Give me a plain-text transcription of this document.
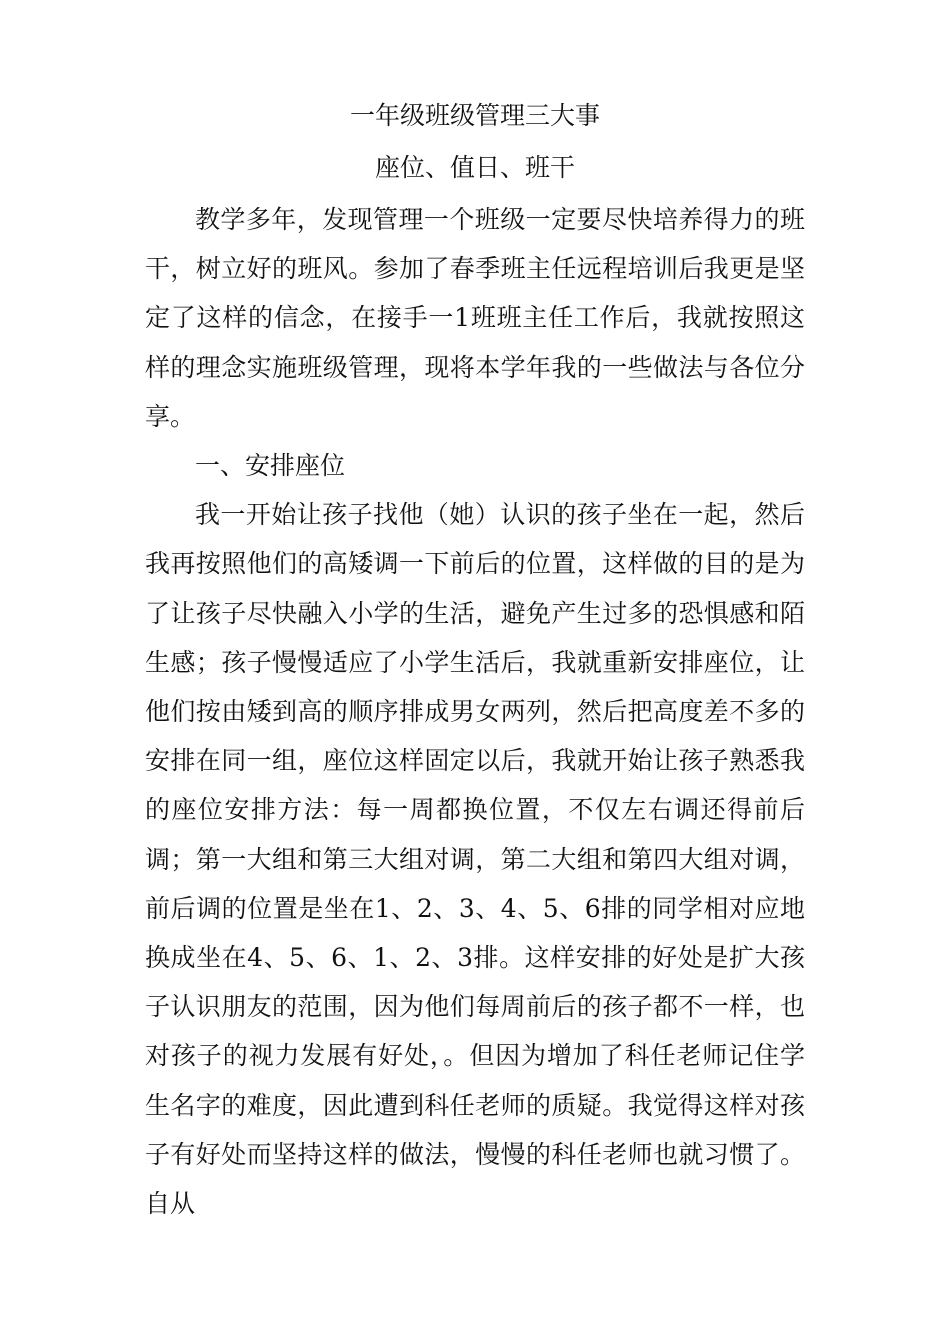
一年级班级管理三大事
座位、值日、班干

教学多年，发现管理一个班级一定要尽快培养得力的班干，树立好的班风。参加了春季班主任远程培训后我更是坚定了这样的信念，在接手一1班班主任工作后，我就按照这样的理念实施班级管理，现将本学年我的一些做法与各位分享。

一、安排座位

我一开始让孩子找他（她）认识的孩子坐在一起，然后我再按照他们的高矮调一下前后的位置，这样做的目的是为了让孩子尽快融入小学的生活，避免产生过多的恐惧感和陌生感；孩子慢慢适应了小学生活后，我就重新安排座位，让他们按由矮到高的顺序排成男女两列，然后把高度差不多的安排在同一组，座位这样固定以后，我就开始让孩子熟悉我的座位安排方法：每一周都换位置，不仅左右调还得前后调；第一大组和第三大组对调，第二大组和第四大组对调，前后调的位置是坐在1、2、3、4、5、6排的同学相对应地换成坐在4、5、6、1、2、3排。这样安排的好处是扩大孩子认识朋友的范围，因为他们每周前后的孩子都不一样，也对孩子的视力发展有好处，。但因为增加了科任老师记住学生名字的难度，因此遭到科任老师的质疑。我觉得这样对孩子有好处而坚持这样的做法，慢慢的科任老师也就习惯了。自从
